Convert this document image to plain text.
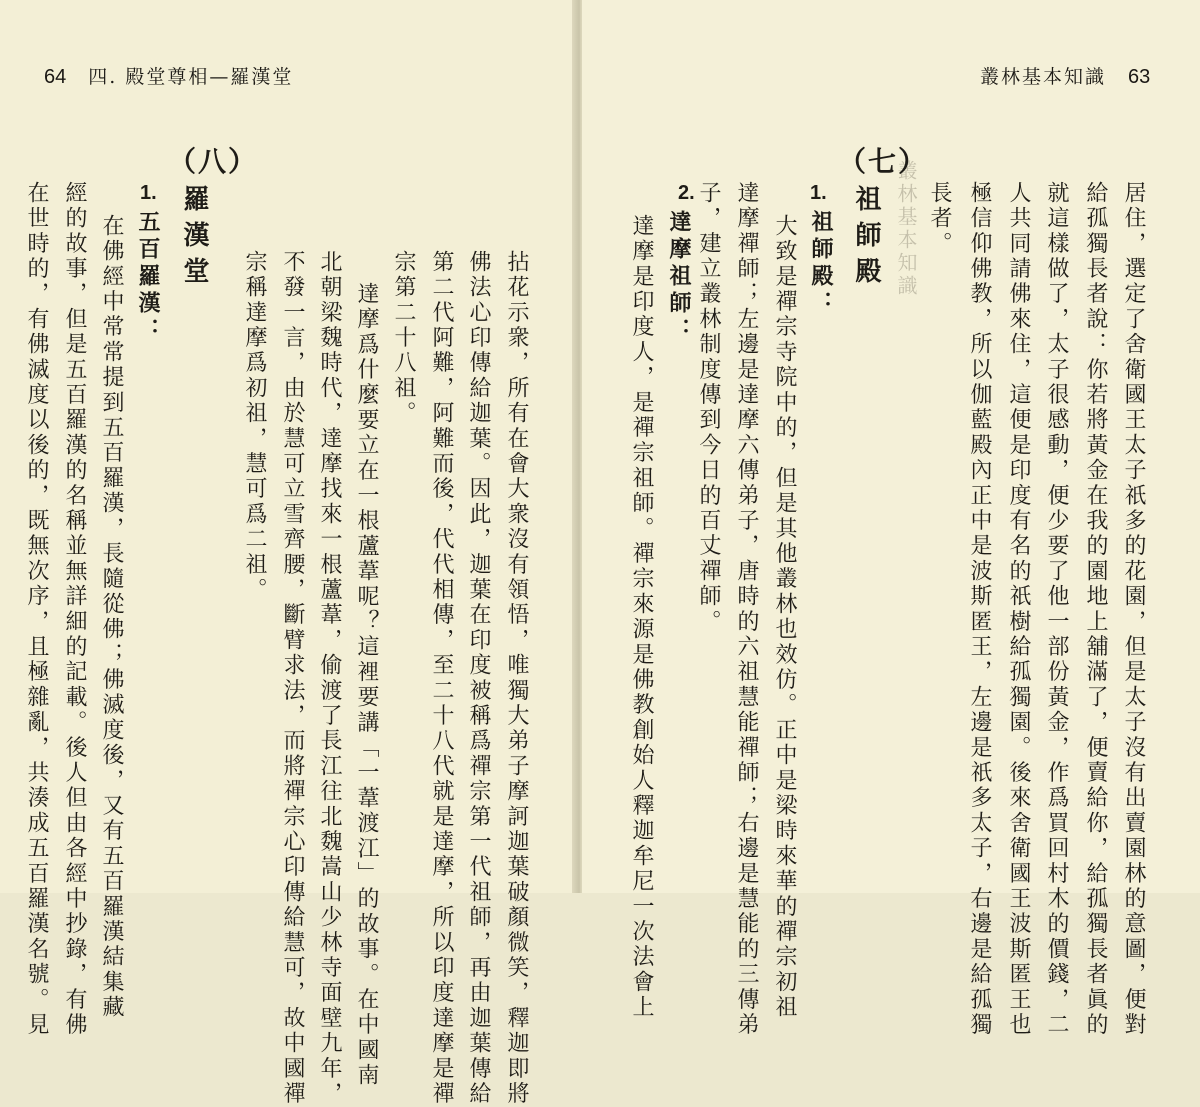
64 四. 殿堂尊相—羅漢堂
拈花示衆，所有在會大衆沒有領悟，唯獨大弟子摩訶迦葉破顏微笑，釋迦即將
佛法心印傳給迦葉。因此，迦葉在印度被稱爲禪宗第一代祖師，再由迦葉傳給
第二代阿難，阿難而後，代代相傳，至二十八代就是達摩，所以印度達摩是禪
宗第二十八祖。
達摩爲什麼要立在一根蘆葦呢？這裡要講「一葦渡江」的故事。在中國南
北朝梁魏時代，達摩找來一根蘆葦，偷渡了長江往北魏嵩山少林寺面壁九年，
不發一言，由於慧可立雪齊腰，斷臂求法，而將禪宗心印傳給慧可，故中國禪
宗稱達摩爲初祖，慧可爲二祖。
（八）
羅漢堂
1.
五百羅漢：
在佛經中常常提到五百羅漢，長隨從佛；佛滅度後，又有五百羅漢結集藏
經的故事，但是五百羅漢的名稱並無詳細的記載。後人但由各經中抄錄，有佛
在世時的，有佛滅度以後的，既無次序，且極雜亂，共湊成五百羅漢名號。見	叢林基本知識
叢林基本知識 63
居住，選定了舍衛國王太子祇多的花園，但是太子沒有出賣園林的意圖，便對
給孤獨長者說：你若將黃金在我的園地上舖滿了，便賣給你，給孤獨長者眞的
就這樣做了，太子很感動，便少要了他一部份黃金，作爲買回村木的價錢，二
人共同請佛來住，這便是印度有名的祇樹給孤獨園。後來舍衛國王波斯匿王也
極信仰佛教，所以伽藍殿內正中是波斯匿王，左邊是祇多太子，右邊是給孤獨
長者。
（七）
祖師殿
1.
祖師殿：
大致是禪宗寺院中的，但是其他叢林也效仿。正中是梁時來華的禪宗初祖
達摩禪師；左邊是達摩六傳弟子，唐時的六祖慧能禪師；右邊是慧能的三傳弟
子，建立叢林制度傳到今日的百丈禪師。
2.
達摩祖師：
達摩是印度人，是禪宗祖師。禪宗來源是佛教創始人釋迦牟尼一次法會上
